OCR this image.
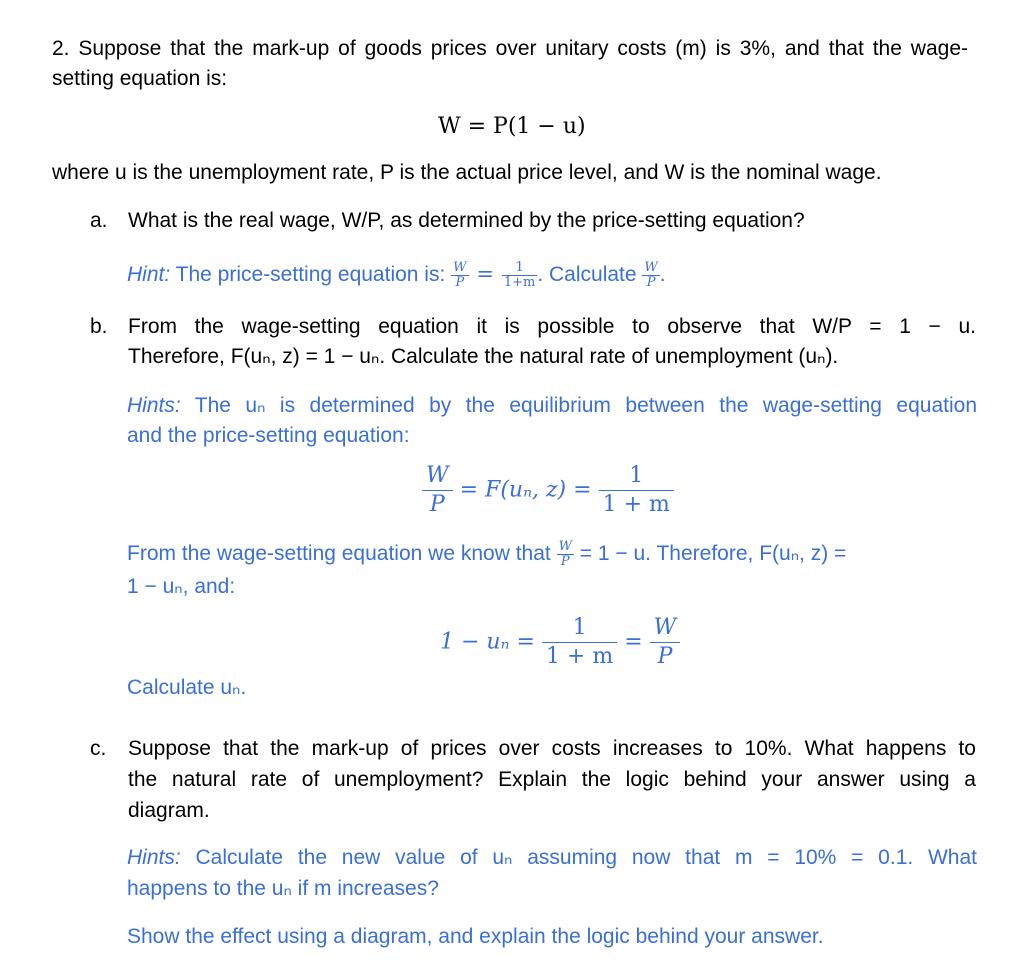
2. Suppose that the mark-up of goods prices over unitary costs (m) is 3%, and that the wage-
setting equation is:
W = P(1 − u)
where u is the unemployment rate, P is the actual price level, and W is the nominal wage.
a. What is the real wage, W/P, as determined by the price-setting equation?
Hint: The price-setting equation is: $\frac{W}{P} = \frac{1}{1+m}$ . Calculate $\frac{W}{P}$ .
b. From the wage-setting equation it is possible to observe that W/P = 1 − u.
Therefore, F(uₙ, z) = 1 − uₙ. Calculate the natural rate of unemployment (uₙ).
Hints: The uₙ is determined by the equilibrium between the wage-setting equation
and the price-setting equation:
$\frac{W}{P} = F(u_n$, $z) = \frac{1}{1 + m}$
From the wage-setting equation we know that $\frac{W}{P} = 1 - u$. Therefore, F(uₙ, z) =
1 − uₙ, and:
$1 - u_n = \frac{1}{1 + m} = \frac{W}{P}$
Calculate uₙ.
c. Suppose that the mark-up of prices over costs increases to 10%. What happens to
the natural rate of unemployment? Explain the logic behind your answer using a
diagram.
Hints: Calculate the new value of uₙ assuming now that m = 10% = 0.1. What
happens to the uₙ if m increases?
Show the effect using a diagram, and explain the logic behind your answer.
